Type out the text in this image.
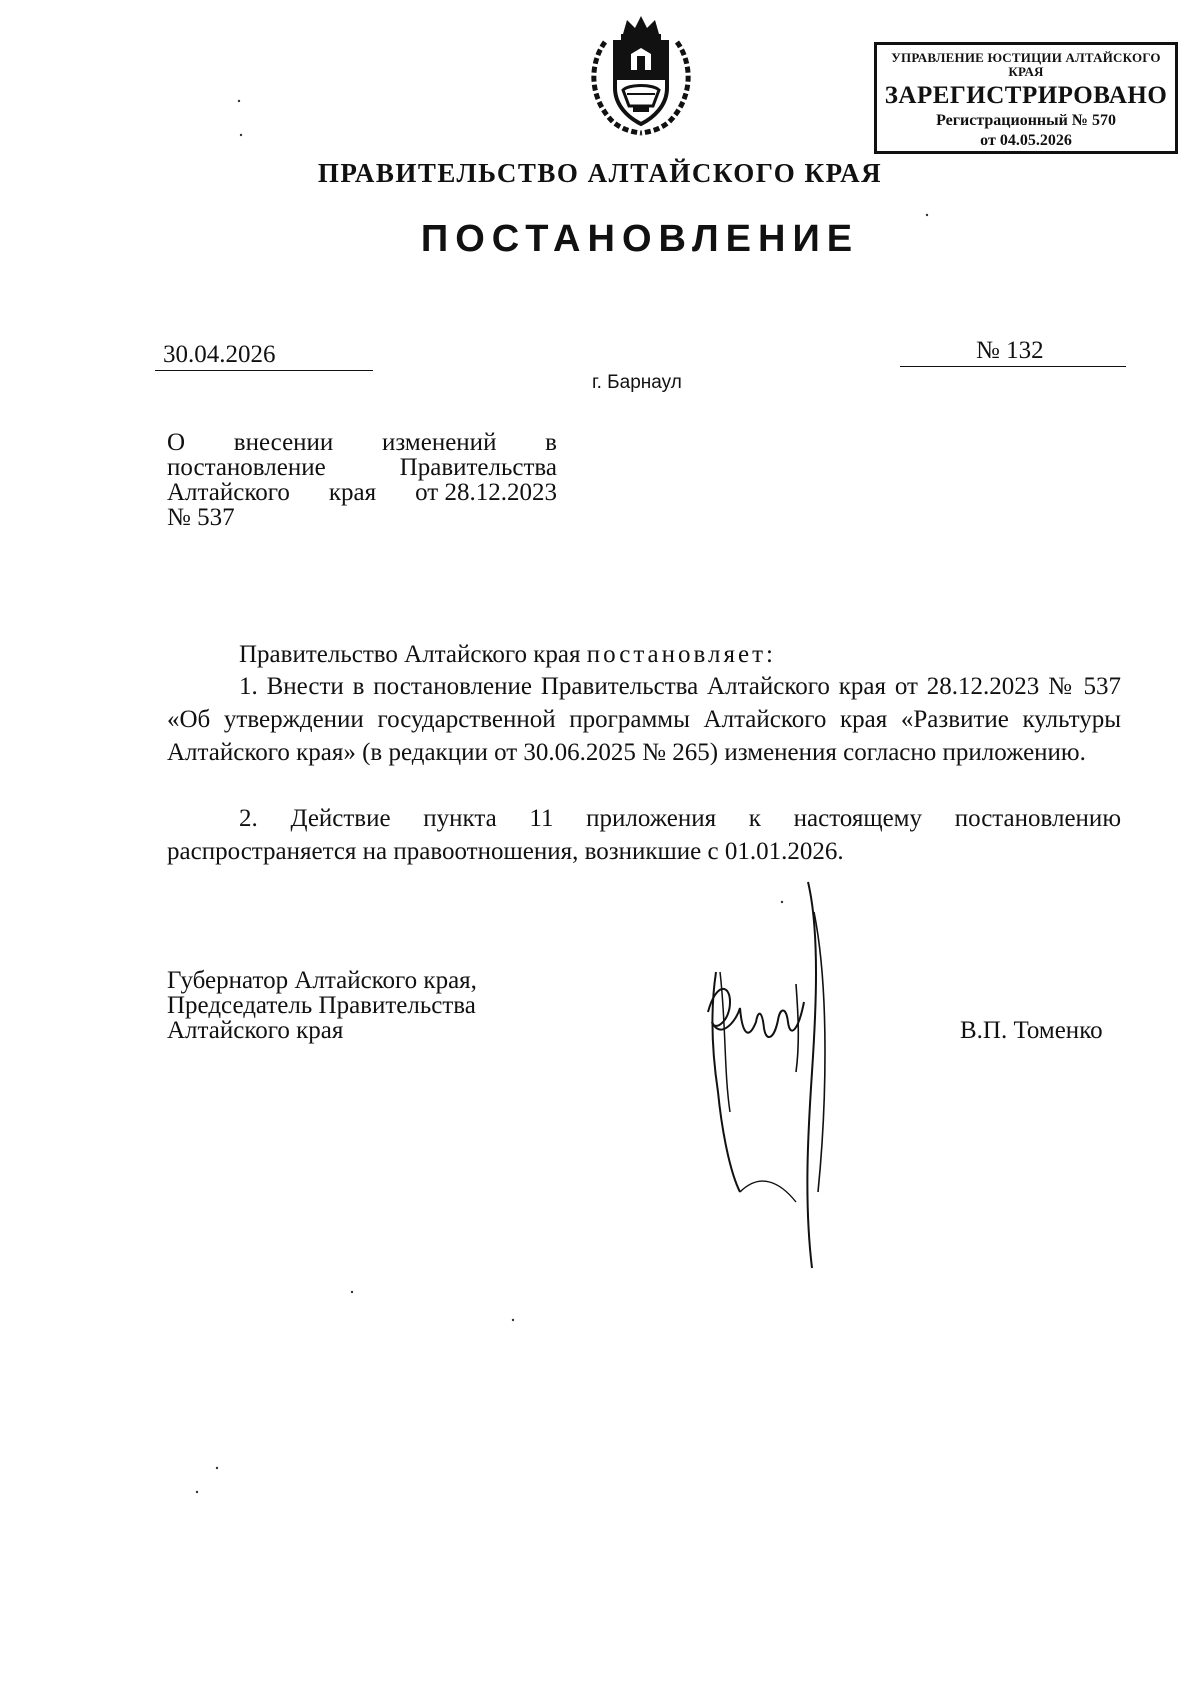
УПРАВЛЕНИЕ ЮСТИЦИИ АЛТАЙСКОГО КРАЯ
ЗАРЕГИСТРИРОВАНО
Регистрационный № 570
от 04.05.2026
ПРАВИТЕЛЬСТВО АЛТАЙСКОГО КРАЯ
ПОСТАНОВЛЕНИЕ
30.04.2026	№ 132
г. Барнаул
О внесении изменений в
постановление	Правительства
Алтайского края от 28.12.2023
№ 537
Правительство Алтайского края постановляет:
1. Внести в постановление Правительства Алтайского края от 28.12.2023 № 537 «Об утверждении государственной программы Алтайского края «Развитие культуры Алтайского края» (в редакции от 30.06.2025 № 265) изменения согласно приложению.
2. Действие пункта 11 приложения к настоящему постановлению распространяется на правоотношения, возникшие с 01.01.2026.
Губернатор Алтайского края,
Председатель Правительства
Алтайского края	В.П. Томенко
